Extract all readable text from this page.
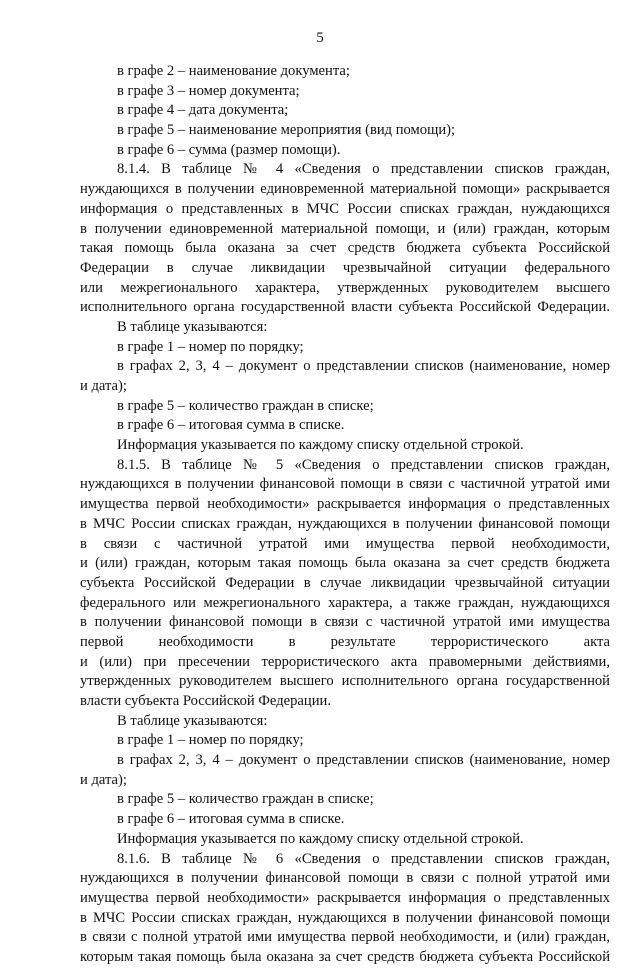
5
в графе 2 – наименование документа;
в графе 3 – номер документа;
в графе 4 – дата документа;
в графе 5 – наименование мероприятия (вид помощи);
в графе 6 – сумма (размер помощи).
8.1.4. В таблице № 4 «Сведения о представлении списков граждан,
нуждающихся в получении единовременной материальной помощи» раскрывается
информация о представленных в МЧС России списках граждан, нуждающихся
в получении единовременной материальной помощи, и (или) граждан, которым
такая помощь была оказана за счет средств бюджета субъекта Российской
Федерации в случае ликвидации чрезвычайной ситуации федерального
или межрегионального характера, утвержденных руководителем высшего
исполнительного органа государственной власти субъекта Российской Федерации.
В таблице указываются:
в графе 1 – номер по порядку;
в графах 2, 3, 4 – документ о представлении списков (наименование, номер
и дата);
в графе 5 – количество граждан в списке;
в графе 6 – итоговая сумма в списке.
Информация указывается по каждому списку отдельной строкой.
8.1.5. В таблице № 5 «Сведения о представлении списков граждан,
нуждающихся в получении финансовой помощи в связи с частичной утратой ими
имущества первой необходимости» раскрывается информация о представленных
в МЧС России списках граждан, нуждающихся в получении финансовой помощи
в связи с частичной утратой ими имущества первой необходимости,
и (или) граждан, которым такая помощь была оказана за счет средств бюджета
субъекта Российской Федерации в случае ликвидации чрезвычайной ситуации
федерального или межрегионального характера, а также граждан, нуждающихся
в получении финансовой помощи в связи с частичной утратой ими имущества
первой необходимости в результате террористического акта
и (или) при пресечении террористического акта правомерными действиями,
утвержденных руководителем высшего исполнительного органа государственной
власти субъекта Российской Федерации.
В таблице указываются:
в графе 1 – номер по порядку;
в графах 2, 3, 4 – документ о представлении списков (наименование, номер
и дата);
в графе 5 – количество граждан в списке;
в графе 6 – итоговая сумма в списке.
Информация указывается по каждому списку отдельной строкой.
8.1.6. В таблице № 6 «Сведения о представлении списков граждан,
нуждающихся в получении финансовой помощи в связи с полной утратой ими
имущества первой необходимости» раскрывается информация о представленных
в МЧС России списках граждан, нуждающихся в получении финансовой помощи
в связи с полной утратой ими имущества первой необходимости, и (или) граждан,
которым такая помощь была оказана за счет средств бюджета субъекта Российской
